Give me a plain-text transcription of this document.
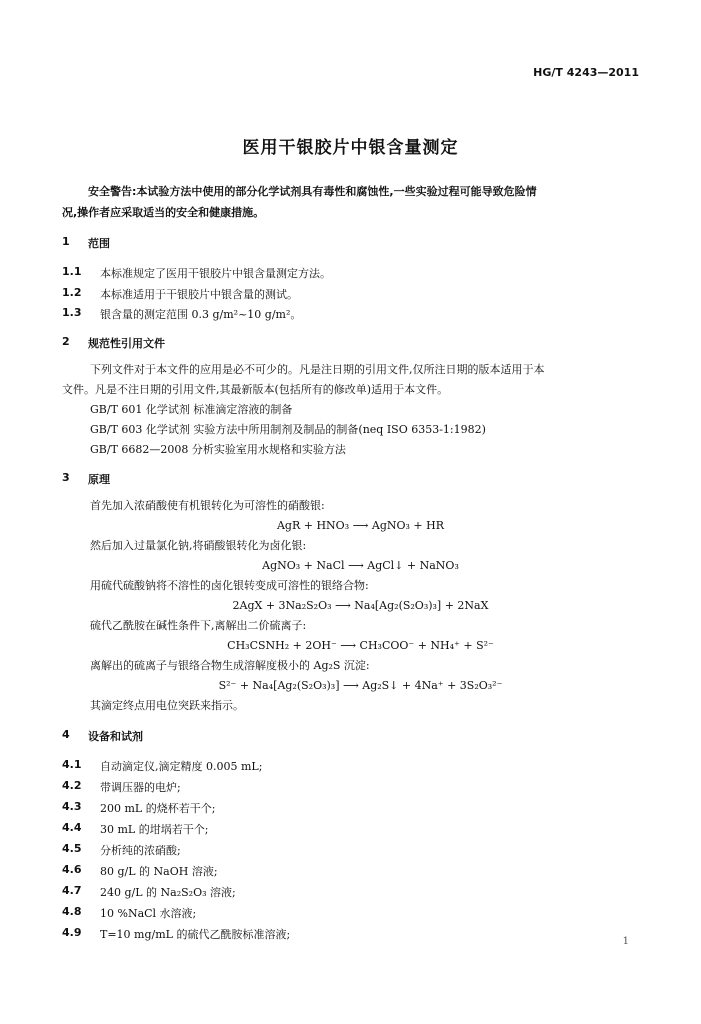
HG/T 4243—2011
医用干银胶片中银含量测定
安全警告:本试验方法中使用的部分化学试剂具有毒性和腐蚀性,一些实验过程可能导致危险情
况,操作者应采取适当的安全和健康措施。
1 范围
1.1 本标准规定了医用干银胶片中银含量测定方法。
1.2 本标准适用于干银胶片中银含量的测试。
1.3 银含量的测定范围 0.3 g/m²~10 g/m²。
2 规范性引用文件
下列文件对于本文件的应用是必不可少的。凡是注日期的引用文件,仅所注日期的版本适用于本
文件。凡是不注日期的引用文件,其最新版本(包括所有的修改单)适用于本文件。
GB/T 601 化学试剂 标准滴定溶液的制备
GB/T 603 化学试剂 实验方法中所用制剂及制品的制备(neq ISO 6353-1:1982)
GB/T 6682—2008 分析实验室用水规格和实验方法
3 原理
首先加入浓硝酸使有机银转化为可溶性的硝酸银:
AgR + HNO₃ ⟶ AgNO₃ + HR
然后加入过量氯化钠,将硝酸银转化为卤化银:
AgNO₃ + NaCl ⟶ AgCl↓ + NaNO₃
用硫代硫酸钠将不溶性的卤化银转变成可溶性的银络合物:
2AgX + 3Na₂S₂O₃ ⟶ Na₄[Ag₂(S₂O₃)₃] + 2NaX
硫代乙酰胺在碱性条件下,离解出二价硫离子:
CH₃CSNH₂ + 2OH⁻ ⟶ CH₃COO⁻ + NH₄⁺ + S²⁻
离解出的硫离子与银络合物生成溶解度极小的 Ag₂S 沉淀:
S²⁻ + Na₄[Ag₂(S₂O₃)₃] ⟶ Ag₂S↓ + 4Na⁺ + 3S₂O₃²⁻
其滴定终点用电位突跃来指示。
4 设备和试剂
4.1 自动滴定仪,滴定精度 0.005 mL;
4.2 带调压器的电炉;
4.3 200 mL 的烧杯若干个;
4.4 30 mL 的坩埚若干个;
4.5 分析纯的浓硝酸;
4.6 80 g/L 的 NaOH 溶液;
4.7 240 g/L 的 Na₂S₂O₃ 溶液;
4.8 10 %NaCl 水溶液;
4.9 T=10 mg/mL 的硫代乙酰胺标准溶液;
1
